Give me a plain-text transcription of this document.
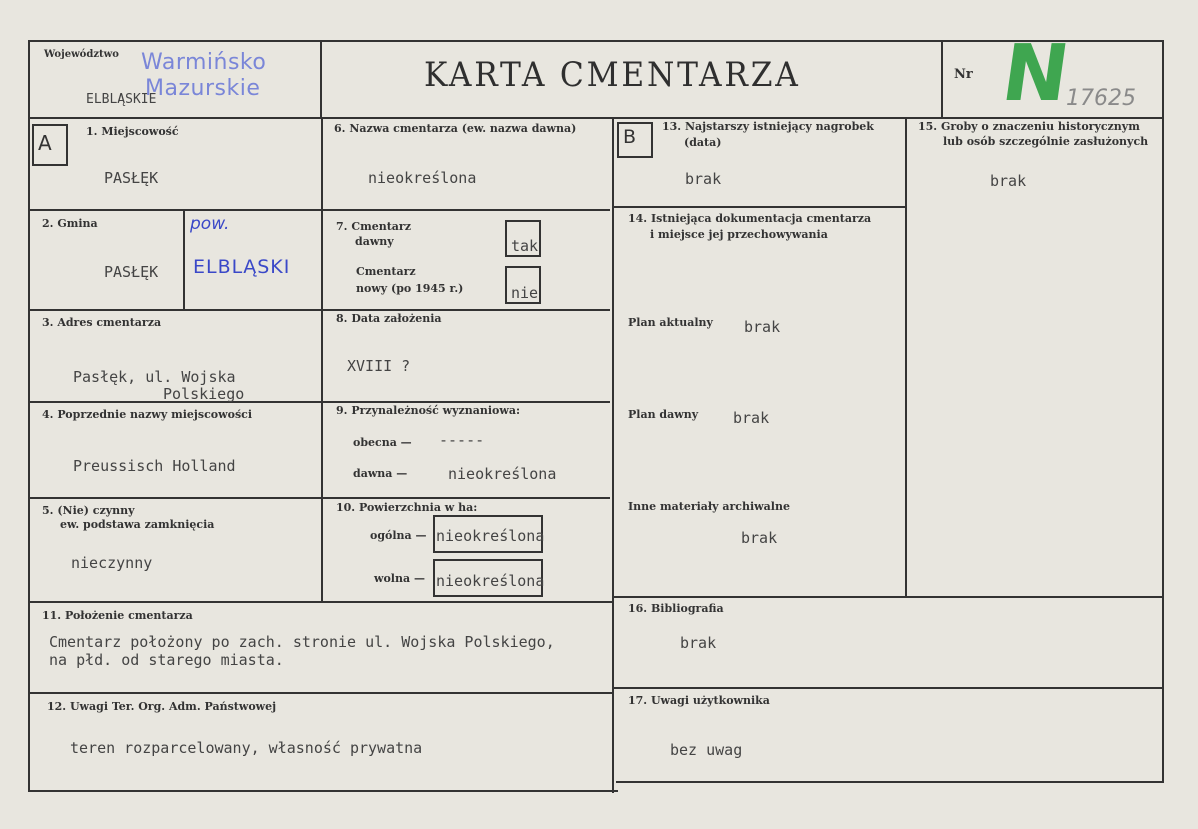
Województwo
ELBLĄSKIE
Warmińsko
Mazurskie	KARTA CMENTARZA	Nr N
17625
A	1. Miejscowość
PASŁĘK
2. Gmina
PASŁĘK
pow.
ELBLĄSKI
3. Adres cmentarza
Pasłęk, ul. Wojska
Polskiego
4. Poprzednie nazwy miejscowości
Preussisch Holland
5. (Nie) czynny
ew. podstawa zamknięcia
nieczynny
6. Nazwa cmentarza (ew. nazwa dawna)
nieokreślona
7. Cmentarz
dawny	tak
Cmentarz
nowy (po 1945 r.)	nie
8. Data założenia
XVIII ?
9. Przynależność wyznaniowa:
obecna — -----
dawna —	nieokreślona
10. Powierzchnia w ha:
ogólna — nieokreślona
wolna — nieokreślona
11. Położenie cmentarza
Cmentarz położony po zach. stronie ul. Wojska Polskiego,
na płd. od starego miasta.
12. Uwagi Ter. Org. Adm. Państwowej
teren rozparcelowany, własność prywatna
B 13. Najstarszy istniejący nagrobek
(data)
brak
14. Istniejąca dokumentacja cmentarza
i miejsce jej przechowywania
Plan aktualny brak
Plan dawny brak
Inne materiały archiwalne
brak
15. Groby o znaczeniu historycznym
lub osób szczególnie zasłużonych
brak
16. Bibliografia
brak
17. Uwagi użytkownika
bez uwag
